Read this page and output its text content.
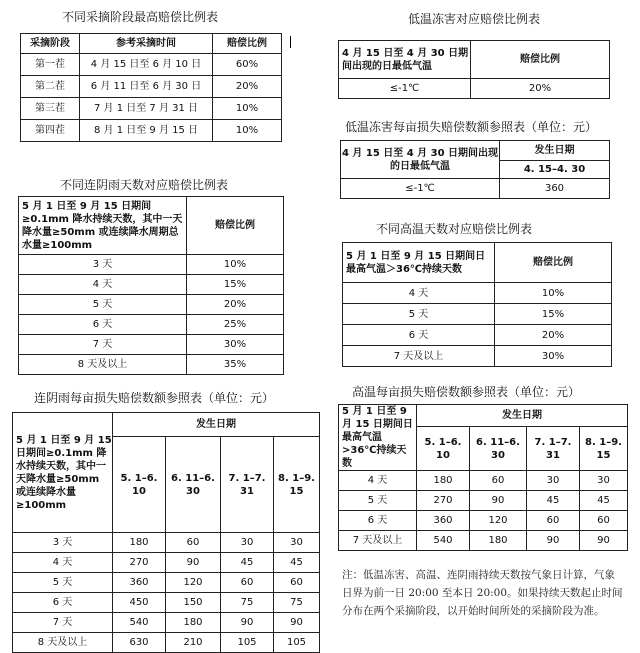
不同采摘阶段最高赔偿比例表
采摘阶段	参考采摘时间	赔偿比例
第一茬	4 月 15 日至 6 月 10 日	60%
第二茬	6 月 11 日至 6 月 30 日	20%
第三茬	7 月 1 日至 7 月 31 日	10%
第四茬	8 月 1 日至 9 月 15 日	10%
低温冻害对应赔偿比例表
4 月 15 日至 4 月 30 日期间出现的日最低气温	赔偿比例
≤-1℃	20%
低温冻害每亩损失赔偿数额参照表（单位：元）
4 月 15 日至 4 月 30 日期间出现的日最低气温	发生日期
	4. 15–4. 30
≤-1℃	360
不同连阴雨天数对应赔偿比例表
5 月 1 日至 9 月 15 日期间≥0.1mm 降水持续天数，其中一天降水量≥50mm 或连续降水周期总水量≥100mm	赔偿比例
3 天	10%
4 天	15%
5 天	20%
6 天	25%
7 天	30%
8 天及以上	35%
不同高温天数对应赔偿比例表
5 月 1 日至 9 月 15 日期间日最高气温＞36℃持续天数	赔偿比例
4 天	10%
5 天	15%
6 天	20%
7 天及以上	30%
连阴雨每亩损失赔偿数额参照表（单位：元）
5 月 1 日至 9 月 15 日期间≥0.1mm 降水持续天数，其中一天降水量≥50mm 或连续降水量≥100mm	发生日期			
	5. 1–6. 10	6. 11–6. 30	7. 1–7. 31	8. 1–9. 15
3 天	180	60	30	30
4 天	270	90	45	45
5 天	360	120	60	60
6 天	450	150	75	75
7 天	540	180	90	90
8 天及以上	630	210	105	105
高温每亩损失赔偿数额参照表（单位：元）
5 月 1 日至 9 月 15 日期间日最高气温>36℃持续天数	发生日期			
	5. 1–6. 10	6. 11–6. 30	7. 1–7. 31	8. 1–9. 15
4 天	180	60	30	30
5 天	270	90	45	45
6 天	360	120	60	60
7 天及以上	540	180	90	90
注：低温冻害、高温、连阴雨持续天数按气象日计算，气象日界为前一日 20:00 至本日 20:00。如果持续天数起止时间分布在两个采摘阶段，以开始时间所处的采摘阶段为准。
